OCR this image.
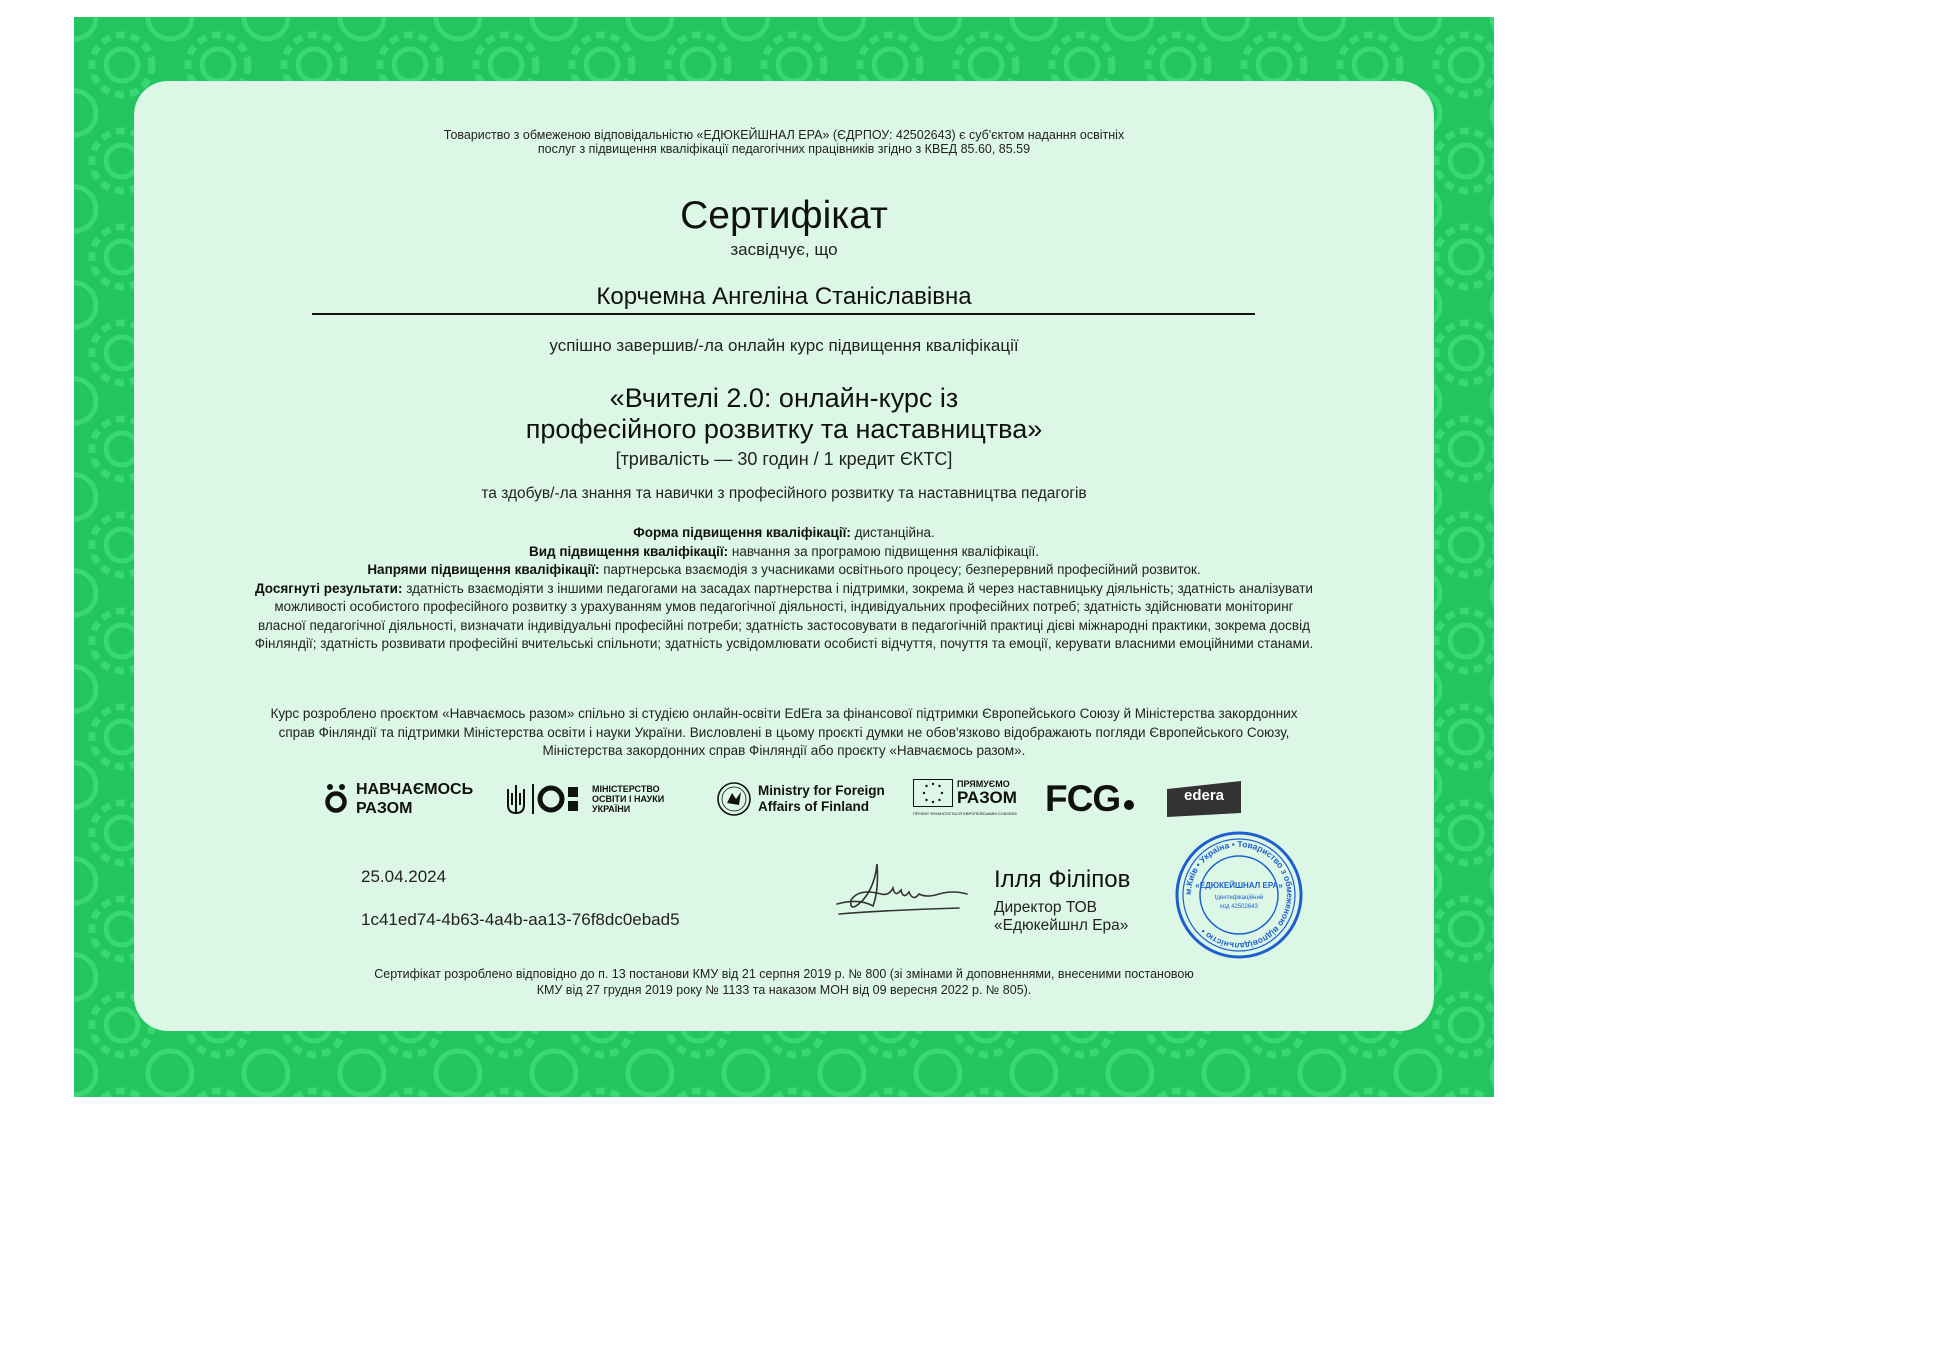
Товариство з обмеженою відповідальністю «ЕДЮКЕЙШНАЛ ЕРА» (ЄДРПОУ: 42502643) є суб'єктом надання освітніх
послуг з підвищення кваліфікації педагогічних працівників згідно з КВЕД 85.60, 85.59
Сертифікат
засвідчує, що
Корчемна Ангеліна Станіславівна
успішно завершив/-ла онлайн курс підвищення кваліфікації
«Вчителі 2.0: онлайн-курс із
професійного розвитку та наставництва»
[тривалість — 30 годин / 1 кредит ЄКТС]
та здобув/-ла знання та навички з професійного розвитку та наставництва педагогів
Форма підвищення кваліфікації: дистанційна.
Вид підвищення кваліфікації: навчання за програмою підвищення кваліфікації.
Напрями підвищення кваліфікації: партнерська взаємодія з учасниками освітнього процесу; безперервний професійний розвиток.
Досягнуті результати: здатність взаємодіяти з іншими педагогами на засадах партнерства і підтримки, зокрема й через наставницьку діяльність; здатність аналізувати можливості особистого професійного розвитку з урахуванням умов педагогічної діяльності, індивідуальних професійних потреб; здатність здійснювати моніторинг власної педагогічної діяльності, визначати індивідуальні професійні потреби; здатність застосовувати в педагогічній практиці дієві міжнародні практики, зокрема досвід Фінляндії; здатність розвивати професійні вчительські спільноти; здатність усвідомлювати особисті відчуття, почуття та емоції, керувати власними емоційними станами.
Курс розроблено проєктом «Навчаємось разом» спільно зі студією онлайн-освіти EdEra за фінансової підтримки Європейського Союзу й Міністерства закордонних справ Фінляндії та підтримки Міністерства освіти і науки України. Висловлені в цьому проєкті думки не обов'язково відображають погляди Європейського Союзу, Міністерства закордонних справ Фінляндії або проєкту «Навчаємось разом».
НАВЧАЄМОСЬ
РАЗОМ
МІНІСТЕРСТВО
ОСВІТИ І НАУКИ
УКРАЇНИ
Ministry for Foreign
Affairs of Finland
ПРЯМУЄМО
РАЗОМ
ПРОЄКТ ФІНАНСУЄТЬСЯ ЄВРОПЕЙСЬКИМ СОЮЗОМ FCG	edera
25.04.2024
1c41ed74-4b63-4a4b-aa13-76f8dc0ebad5
Ілля Філіпов
Директор ТОВ
«Едюкейшнл Ера»
м.Київ • Україна • Товариство з обмеженою відповідальністю •
«ЕДЮКЕЙШНАЛ ЕРА»
Ідентифікаційний
код 42502643
Сертифікат розроблено відповідно до п. 13 постанови КМУ від 21 серпня 2019 р. № 800 (зі змінами й доповненнями, внесеними постановою
КМУ від 27 грудня 2019 року № 1133 та наказом МОН від 09 вересня 2022 р. № 805).
